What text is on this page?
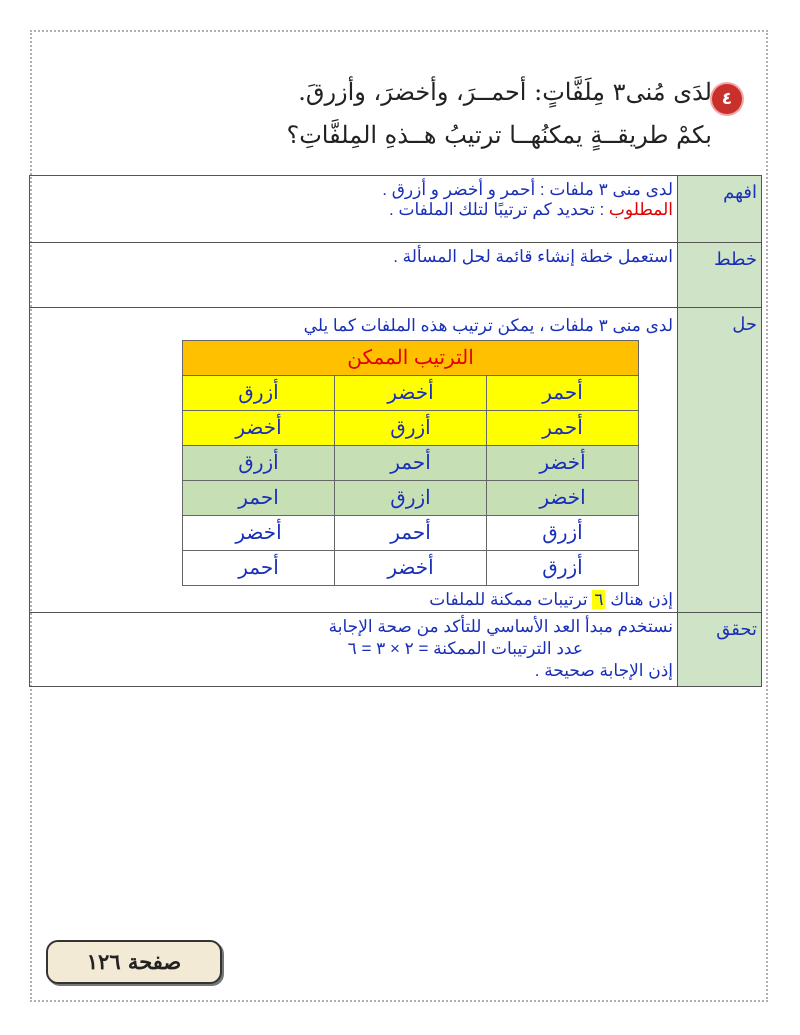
٤
لدَى مُنى٣ مِلَفَّاتٍ: أحمــرَ، وأخضرَ، وأزرقَ.
بكمْ طريقــةٍ يمكنُهــا ترتيبُ هــذهِ المِلفَّاتِ؟
افهم	
لدى منى ٣ ملفات : أحمر و أخضر و أزرق .
المطلوب : تحديد كم ترتيبًا لتلك الملفات .

خطط	
استعمل خطة إنشاء قائمة لحل المسألة .

حل	
لدى منى ٣ ملفات ، يمكن ترتيب هذه الملفات كما يلي
الترتيب الممكن
أحمر	أخضر	أزرق
أحمر	أزرق	أخضر
أخضر	أحمر	أزرق
اخضر	ازرق	احمر
أزرق	أحمر	أخضر
أزرق	أخضر	أحمر
إذن هناك ٦ ترتيبات ممكنة للملفات

تحقق	
نستخدم مبدأ العد الأساسي للتأكد من صحة الإجابة
عدد الترتيبات الممكنة = ٢ × ٣ = ٦
إذن الإجابة صحيحة .
صفحة ١٢٦
